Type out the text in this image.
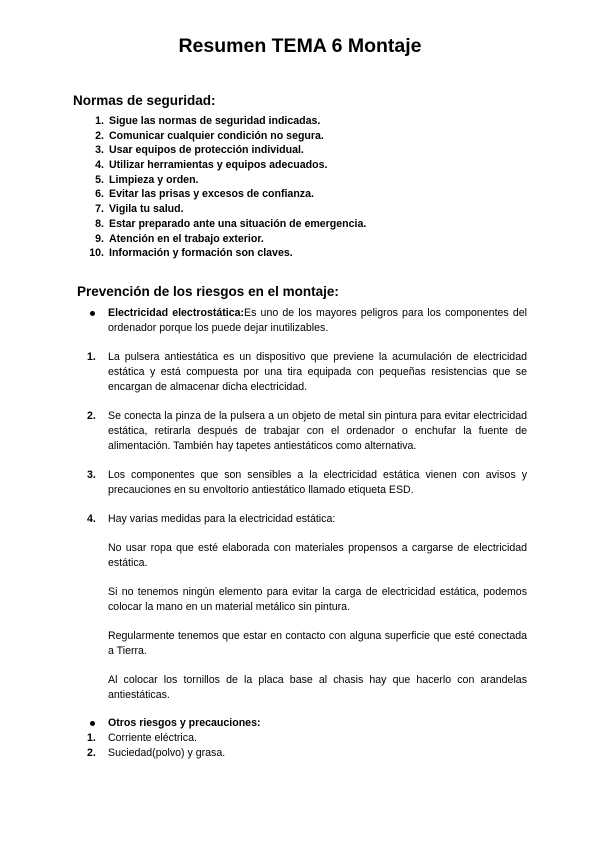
Resumen TEMA 6 Montaje
Normas de seguridad:
1. Sigue las normas de seguridad indicadas.
2. Comunicar cualquier condición no segura.
3. Usar equipos de protección individual.
4. Utilizar herramientas y equipos adecuados.
5. Limpieza y orden.
6. Evitar las prisas y excesos de confianza.
7. Vigila tu salud.
8. Estar preparado ante una situación de emergencia.
9. Atención en el trabajo exterior.
10. Información y formación son claves.
Prevención de los riesgos en el montaje:
Electricidad electrostática:Es uno de los mayores peligros para los componentes del ordenador porque los puede dejar inutilizables.
1.	La pulsera antiestática es un dispositivo que previene la acumulación de electricidad estática y está compuesta por una tira equipada con pequeñas resistencias que se encargan de almacenar dicha electricidad.
2.	Se conecta la pinza de la pulsera a un objeto de metal sin pintura para evitar electricidad estática, retirarla después de trabajar con el ordenador o enchufar la fuente de alimentación. También hay tapetes antiestáticos como alternativa.
3.	Los componentes que son sensibles a la electricidad estática vienen con avisos y precauciones en su envoltorio antiestático llamado etiqueta ESD.
4.	Hay varias medidas para la electricidad estática:

No usar ropa que esté elaborada con materiales propensos a cargarse de electricidad estática.

Si no tenemos ningún elemento para evitar la carga de electricidad estática, podemos colocar la mano en un material metálico sin pintura.

Regularmente tenemos que estar en contacto con alguna superficie que esté conectada a Tierra.

Al colocar los tornillos de la placa base al chasis hay que hacerlo con arandelas antiestáticas.

Otros riesgos y precauciones:
1.	Corriente eléctrica.
2.	Suciedad(polvo) y grasa.
